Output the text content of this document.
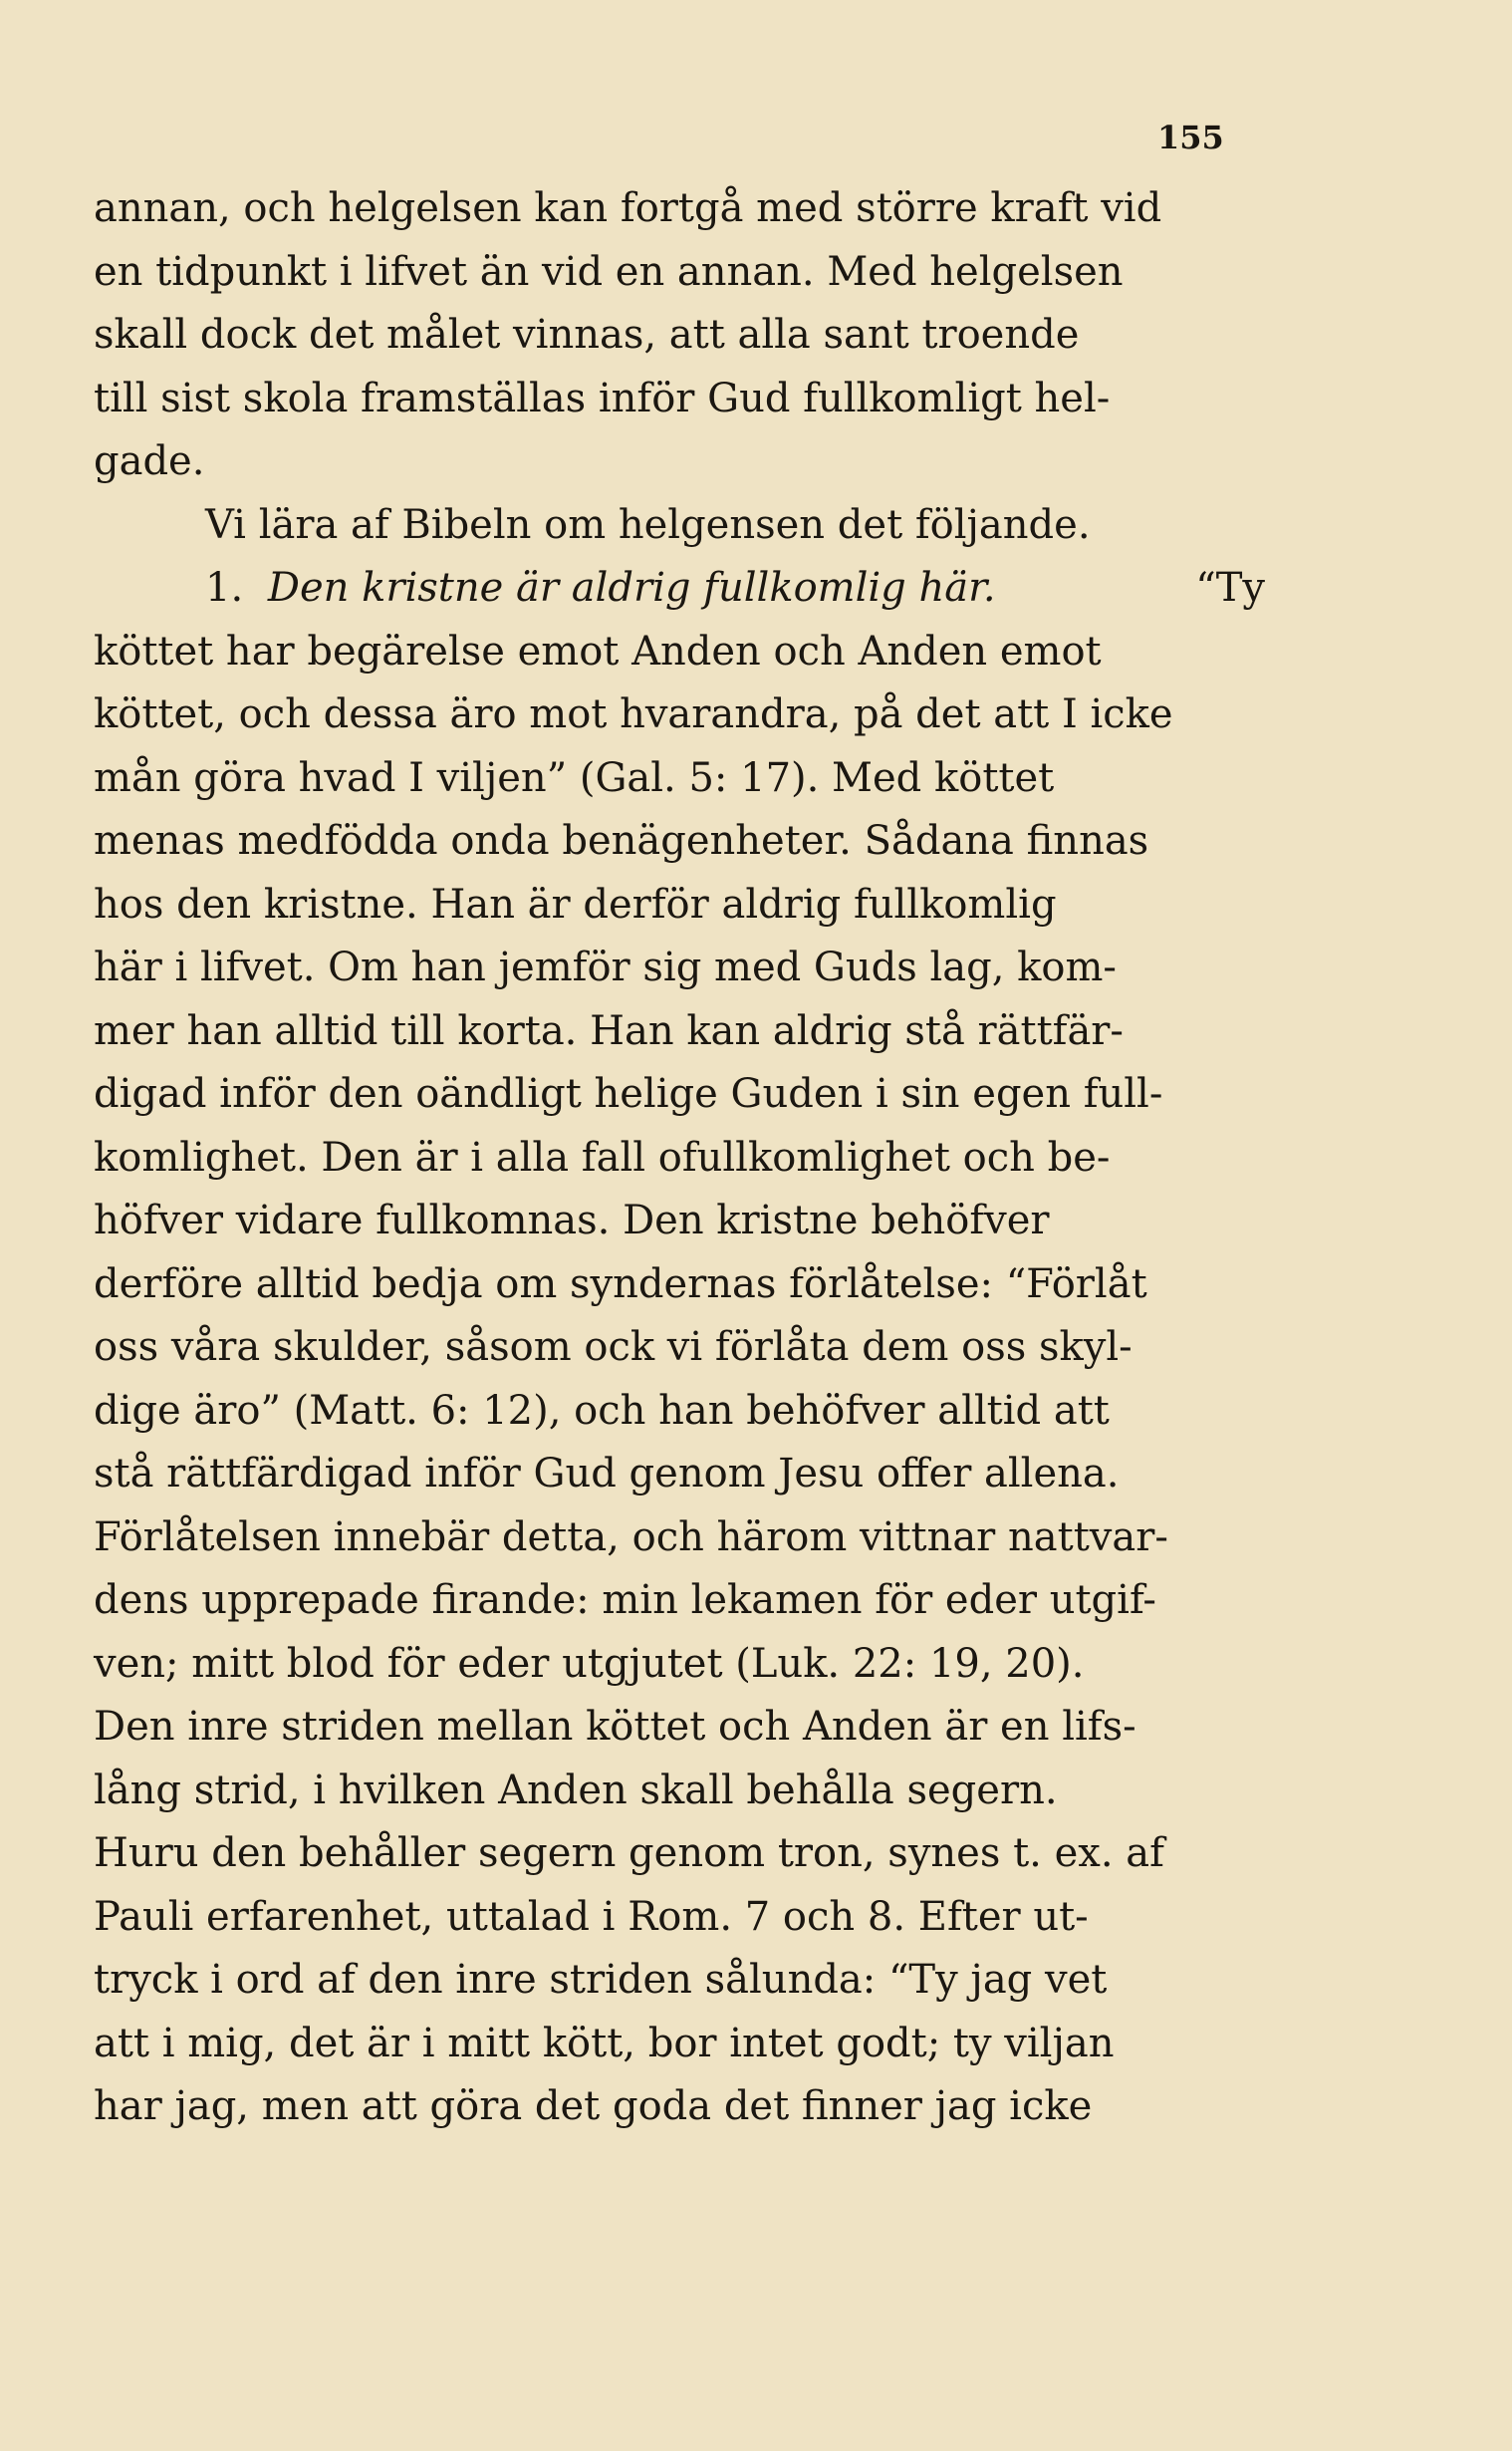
155
annan, och helgelsen kan fortgå med större kraft vid
en tidpunkt i lifvet än vid en annan. Med helgelsen
skall dock det målet vinnas, att alla sant troende
till sist skola framställas inför Gud fullkomligt hel-
gade.
Vi lära af Bibeln om helgensen det följande.
1. Den kristne är aldrig fullkomlig här.	“Ty
köttet har begärelse emot Anden och Anden emot
köttet, och dessa äro mot hvarandra, på det att I icke
mån göra hvad I viljen” (Gal. 5: 17). Med köttet
menas medfödda onda benägenheter. Sådana finnas
hos den kristne. Han är derför aldrig fullkomlig
här i lifvet. Om han jemför sig med Guds lag, kom-
mer han alltid till korta. Han kan aldrig stå rättfär-
digad inför den oändligt helige Guden i sin egen full-
komlighet. Den är i alla fall ofullkomlighet och be-
höfver vidare fullkomnas. Den kristne behöfver
derföre alltid bedja om syndernas förlåtelse: “Förlåt
oss våra skulder, såsom ock vi förlåta dem oss skyl-
dige äro” (Matt. 6: 12), och han behöfver alltid att
stå rättfärdigad inför Gud genom Jesu offer allena.
Förlåtelsen innebär detta, och härom vittnar nattvar-
dens upprepade firande: min lekamen för eder utgif-
ven; mitt blod för eder utgjutet (Luk. 22: 19, 20).
Den inre striden mellan köttet och Anden är en lifs-
lång strid, i hvilken Anden skall behålla segern.
Huru den behåller segern genom tron, synes t. ex. af
Pauli erfarenhet, uttalad i Rom. 7 och 8. Efter ut-
tryck i ord af den inre striden sålunda: “Ty jag vet
att i mig, det är i mitt kött, bor intet godt; ty viljan
har jag, men att göra det goda det finner jag icke
